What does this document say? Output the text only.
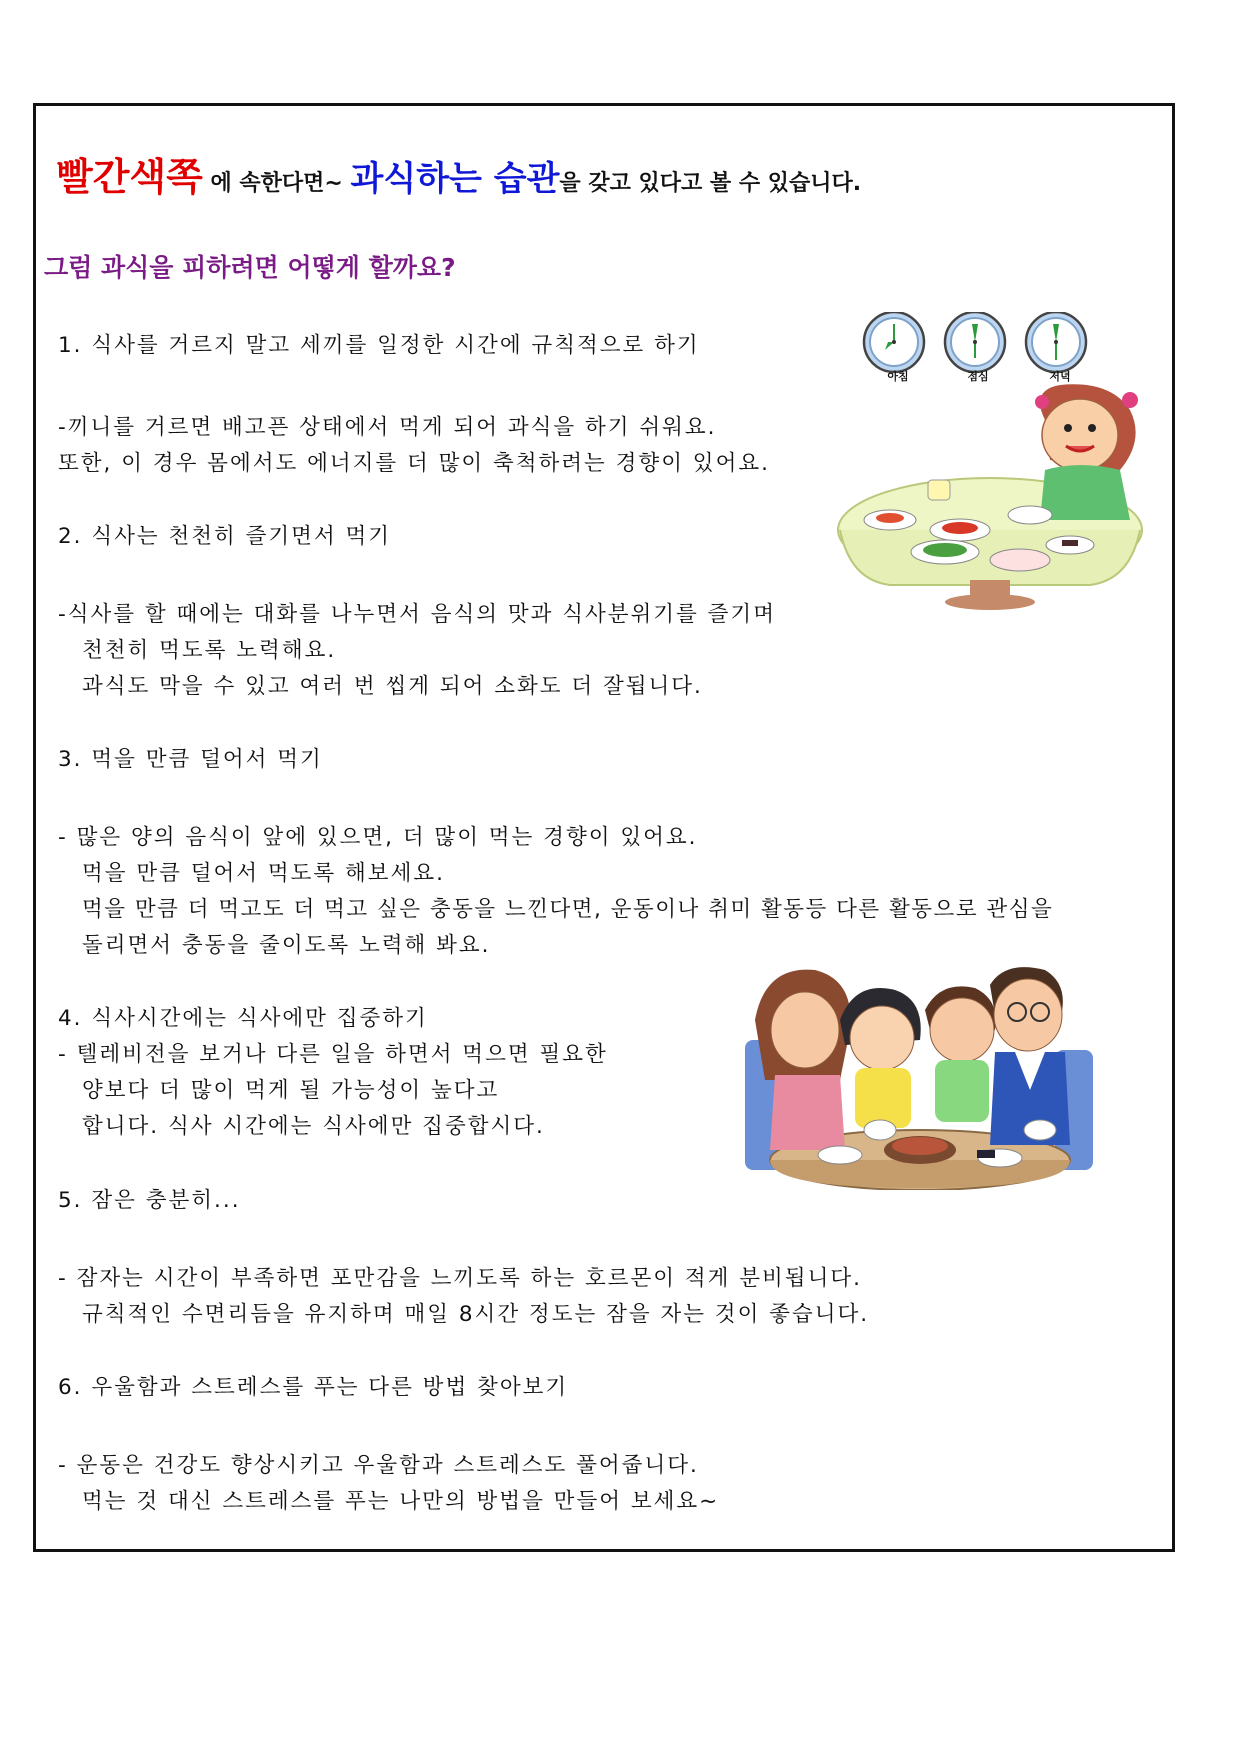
빨간색쪽 에 속한다면~ 과식하는 습관을 갖고 있다고 볼 수 있습니다.
그럼 과식을 피하려면 어떻게 할까요?
1. 식사를 거르지 말고 세끼를 일정한 시간에 규칙적으로 하기
-끼니를 거르면 배고픈 상태에서 먹게 되어 과식을 하기 쉬워요.
또한, 이 경우 몸에서도 에너지를 더 많이 축척하려는 경향이 있어요.
2. 식사는 천천히 즐기면서 먹기
-식사를 할 때에는 대화를 나누면서 음식의 맛과 식사분위기를 즐기며
천천히 먹도록 노력해요.
과식도 막을 수 있고 여러 번 씹게 되어 소화도 더 잘됩니다.
3. 먹을 만큼 덜어서 먹기
- 많은 양의 음식이 앞에 있으면, 더 많이 먹는 경향이 있어요.
먹을 만큼 덜어서 먹도록 해보세요.
먹을 만큼 더 먹고도 더 먹고 싶은 충동을 느낀다면, 운동이나 취미 활동등 다른 활동으로 관심을
돌리면서 충동을 줄이도록 노력해 봐요.
4. 식사시간에는 식사에만 집중하기
- 텔레비전을 보거나 다른 일을 하면서 먹으면 필요한
양보다 더 많이 먹게 될 가능성이 높다고
합니다. 식사 시간에는 식사에만 집중합시다.
5. 잠은 충분히...
- 잠자는 시간이 부족하면 포만감을 느끼도록 하는 호르몬이 적게 분비됩니다.
규칙적인 수면리듬을 유지하며 매일 8시간 정도는 잠을 자는 것이 좋습니다.
6. 우울함과 스트레스를 푸는 다른 방법 찾아보기
- 운동은 건강도 향상시키고 우울함과 스트레스도 풀어줍니다.
먹는 것 대신 스트레스를 푸는 나만의 방법을 만들어 보세요~
아침	점심	저녁
